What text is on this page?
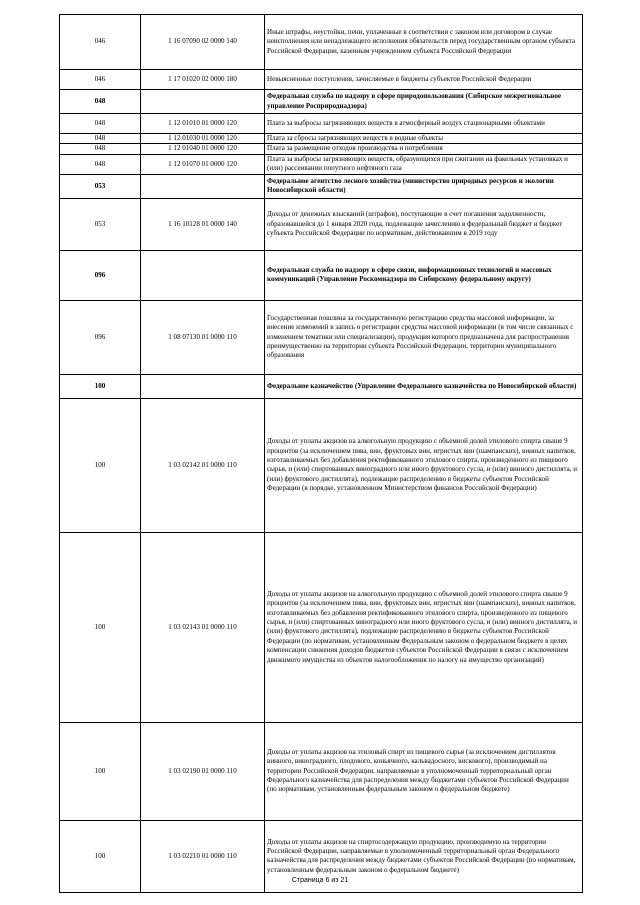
046	1 16 07090 02 0000 140	Иные штрафы, неустойки, пени, уплаченные в соответствии с законом или договором в случае неисполнения или ненадлежащего исполнения обязательств перед государственным органом субъекта Российской Федерации, казенным учреждением субъекта Российской Федерации
046	1 17 01020 02 0000 180	Невыясненные поступления, зачисляемые в бюджеты субъектов Российской Федерации
048		Федеральная служба по надзору в сфере природопользования (Сибирское межрегиональное управление Росприроднадзора)
048	1 12 01010 01 0000 120	Плата за выбросы загрязняющих веществ в атмосферный воздух стационарными объектами
048	1 12 01030 01 0000 120	Плата за сбросы загрязняющих веществ в водные объекты
048	1 12 01040 01 0000 120	Плата за размещение отходов производства и потребления
048	1 12 01070 01 0000 120	Плата за выбросы загрязняющих веществ, образующихся при сжигании на факельных установках и (или) рассеивании попутного нефтяного газа
053		Федеральное агентство лесного хозяйства (министерство природных ресурсов и экологии Новосибирской области)
053	1 16 10128 01 0000 140	Доходы от денежных взысканий (штрафов), поступающие в счет погашения задолженности, образовавшейся до 1 января 2020 года, подлежащие зачислению в федеральный бюджет и бюджет субъекта Российской Федерации по нормативам, действовавшим в 2019 году
096		Федеральная служба по надзору в сфере связи, информационных технологий и массовых коммуникаций (Управление Роскомнадзора по Сибирскому федеральному округу)
096	1 08 07130 01 0000 110	Государственная пошлина за государственную регистрацию средства массовой информации, за внесение изменений в запись о регистрации средства массовой информации (в том числе связанных с изменением тематики или специализации), продукция которого предназначена для распространения преимущественно на территории субъекта Российской Федерации, территории муниципального образования
100		Федеральное казначейство (Управление Федерального казначейства по Новосибирской области)
100	1 03 02142 01 0000 110	Доходы от уплаты акцизов на алкогольную продукцию с объемной долей этилового спирта свыше 9 процентов (за исключением пива, вин, фруктовых вин, игристых вин (шампанских), винных напитков, изготавливаемых без добавления ректификованного этилового спирта, произведенного из пищевого сырья, и (или) спиртованных виноградного или иного фруктового сусла, и (или) винного дистиллята, и (или) фруктового дистиллята), подлежащие распределению в бюджеты субъектов Российской Федерации (в порядке, установленном Министерством финансов Российской Федерации)
100	1 03 02143 01 0000 110	Доходы от уплаты акцизов на алкогольную продукцию с объемной долей этилового спирта свыше 9 процентов (за исключением пива, вин, фруктовых вин, игристых вин (шампанских), винных напитков, изготавливаемых без добавления ректификованного этилового спирта, произведенного из пищевого сырья, и (или) спиртованных виноградного или иного фруктового сусла, и (или) винного дистиллята, и (или) фруктового дистиллята), подлежащие распределению в бюджеты субъектов Российской Федерации (по нормативам, установленным Федеральным законом о федеральном бюджете в целях компенсации снижения доходов бюджетов субъектов Российской Федерации в связи с исключением движимого имущества из объектов налогообложения по налогу на имущество организаций)
100	1 03 02190 01 0000 110	Доходы от уплаты акцизов на этиловый спирт из пищевого сырья (за исключением дистиллятов винного, виноградного, плодового, коньячного, кальвадосного, вискового), производимый на территории Российской Федерации, направляемые в уполномоченный территориальный орган Федерального казначейства для распределения между бюджетами субъектов Российской Федерации (по нормативам, установленным федеральным законом о федеральном бюджете)
100	1 03 02210 01 0000 110	Доходы от уплаты акцизов на спиртосодержащую продукцию, производимую на территории Российской Федерации, направляемые в уполномоченный территориальный орган Федерального казначейства для распределения между бюджетами субъектов Российской Федерации (по нормативам, установленным федеральным законом о федеральном бюджете)
Страница 6 из 21
